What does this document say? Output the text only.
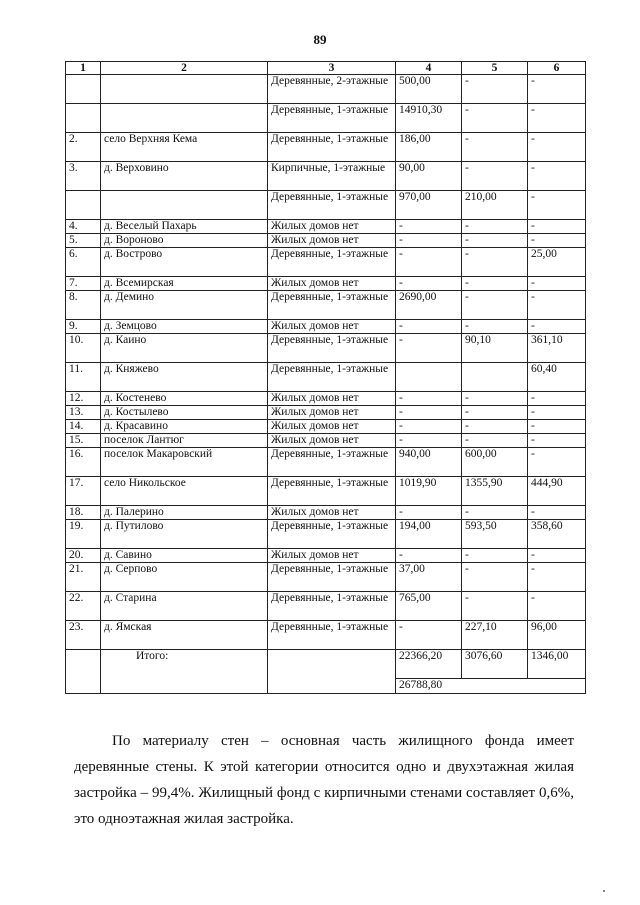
89
1	2	3	4	5	6
		Деревянные, 2-этажные	500,00	-	-
		Деревянные, 1-этажные	14910,30	-	-
2.	село Верхняя Кема	Деревянные, 1-этажные	186,00	-	-
3.	д. Верховино	Кирпичные, 1-этажные	90,00	-	-
		Деревянные, 1-этажные	970,00	210,00	-
4.	д. Веселый Пахарь	Жилых домов нет	-	-	-
5.	д. Вороново	Жилых домов нет	-	-	-
6.	д. Вострово	Деревянные, 1-этажные	-	-	25,00
7.	д. Всемирская	Жилых домов нет	-	-	-
8.	д. Демино	Деревянные, 1-этажные	2690,00	-	-
9.	д. Земцово	Жилых домов нет	-	-	-
10.	д. Каино	Деревянные, 1-этажные	-	90,10	361,10
11.	д. Княжево	Деревянные, 1-этажные			60,40
12.	д. Костенево	Жилых домов нет	-	-	-
13.	д. Костылево	Жилых домов нет	-	-	-
14.	д. Красавино	Жилых домов нет	-	-	-
15.	поселок Лантюг	Жилых домов нет	-	-	-
16.	поселок Макаровский	Деревянные, 1-этажные	940,00	600,00	-
17.	село Никольское	Деревянные, 1-этажные	1019,90	1355,90	444,90
18.	д. Палерино	Жилых домов нет	-	-	-
19.	д. Путилово	Деревянные, 1-этажные	194,00	593,50	358,60
20.	д. Савино	Жилых домов нет	-	-	-
21.	д. Серпово	Деревянные, 1-этажные	37,00	-	-
22.	д. Старина	Деревянные, 1-этажные	765,00	-	-
23.	д. Ямская	Деревянные, 1-этажные	-	227,10	96,00
	Итого:		22366,20	3076,60	1346,00
			26788,80		

По материалу стен – основная часть жилищного фонда имеет деревянные стены. К этой категории относится одно и двухэтажная жилая застройка – 99,4%. Жилищный фонд с кирпичными стенами составляет 0,6%, это одноэтажная жилая застройка.
